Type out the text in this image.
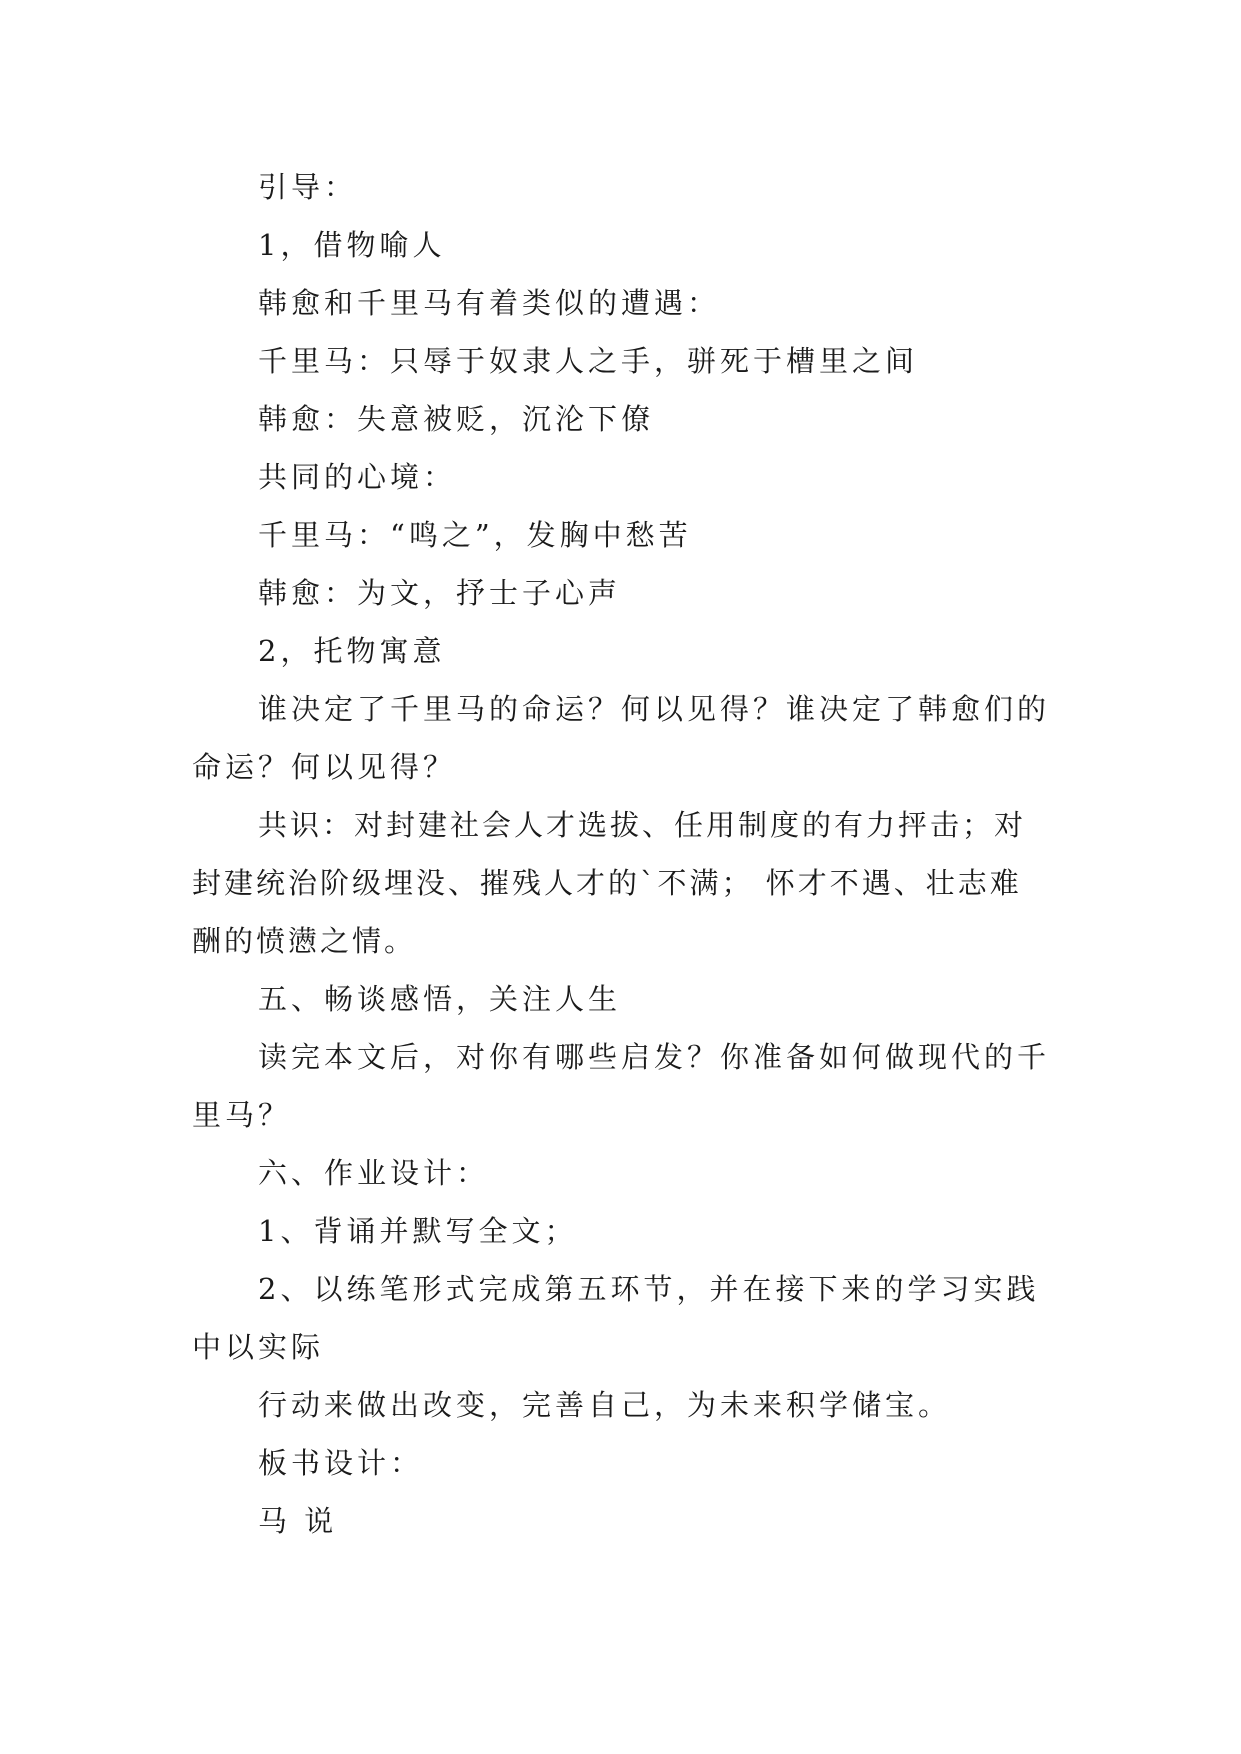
引导：

1，借物喻人

韩愈和千里马有着类似的遭遇：

千里马：只辱于奴隶人之手，骈死于槽里之间

韩愈：失意被贬，沉沦下僚

共同的心境：

千里马：“鸣之”，发胸中愁苦

韩愈：为文，抒士子心声

2，托物寓意

谁决定了千里马的命运？何以见得？谁决定了韩愈们的命运？何以见得？

共识：对封建社会人才选拔、任用制度的有力抨击；对封建统治阶级埋没、摧残人才的`不满； 怀才不遇、壮志难酬的愤懑之情。

五、畅谈感悟，关注人生

读完本文后，对你有哪些启发？你准备如何做现代的千里马？

六、作业设计：

1、背诵并默写全文；

2、以练笔形式完成第五环节，并在接下来的学习实践中以实际

行动来做出改变，完善自己，为未来积学储宝。

板书设计：

马 说
